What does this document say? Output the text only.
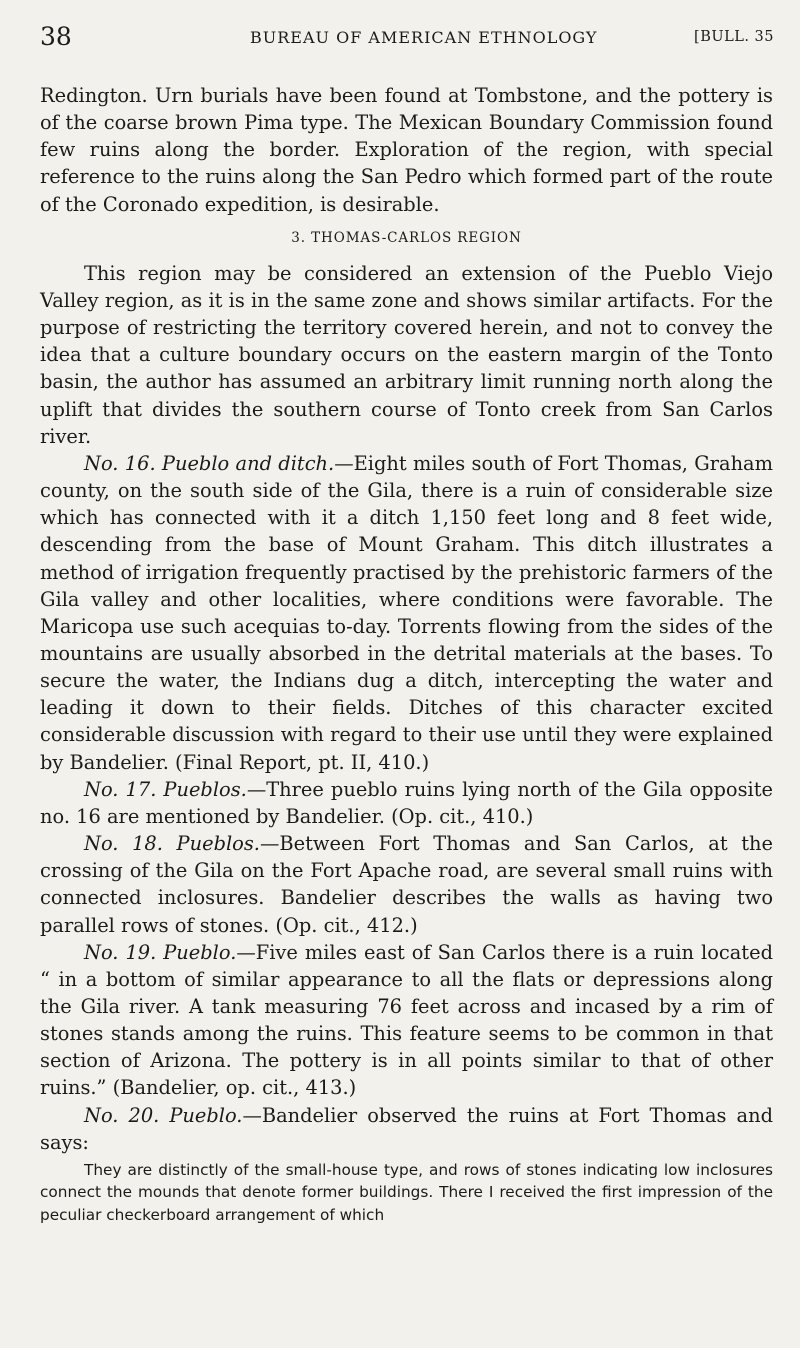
38	BUREAU OF AMERICAN ETHNOLOGY	[BULL. 35

Redington. Urn burials have been found at Tombstone, and the pottery is of the coarse brown Pima type. The Mexican Boundary Commission found few ruins along the border. Exploration of the region, with special reference to the ruins along the San Pedro which formed part of the route of the Coronado expedition, is desirable.

3. THOMAS-CARLOS REGION

This region may be considered an extension of the Pueblo Viejo Valley region, as it is in the same zone and shows similar artifacts. For the purpose of restricting the territory covered herein, and not to convey the idea that a culture boundary occurs on the eastern margin of the Tonto basin, the author has assumed an arbitrary limit running north along the uplift that divides the southern course of Tonto creek from San Carlos river.

No. 16. Pueblo and ditch.—Eight miles south of Fort Thomas, Graham county, on the south side of the Gila, there is a ruin of considerable size which has connected with it a ditch 1,150 feet long and 8 feet wide, descending from the base of Mount Graham. This ditch illustrates a method of irrigation frequently practised by the prehistoric farmers of the Gila valley and other localities, where conditions were favorable. The Maricopa use such acequias to-day. Torrents flowing from the sides of the mountains are usually absorbed in the detrital materials at the bases. To secure the water, the Indians dug a ditch, intercepting the water and leading it down to their fields. Ditches of this character excited considerable discussion with regard to their use until they were explained by Bandelier. (Final Report, pt. II, 410.)

No. 17. Pueblos.—Three pueblo ruins lying north of the Gila opposite no. 16 are mentioned by Bandelier. (Op. cit., 410.)

No. 18. Pueblos.—Between Fort Thomas and San Carlos, at the crossing of the Gila on the Fort Apache road, are several small ruins with connected inclosures. Bandelier describes the walls as having two parallel rows of stones. (Op. cit., 412.)

No. 19. Pueblo.—Five miles east of San Carlos there is a ruin located “ in a bottom of similar appearance to all the flats or depressions along the Gila river. A tank measuring 76 feet across and incased by a rim of stones stands among the ruins. This feature seems to be common in that section of Arizona. The pottery is in all points similar to that of other ruins.” (Bandelier, op. cit., 413.)

No. 20. Pueblo.—Bandelier observed the ruins at Fort Thomas and says:

They are distinctly of the small-house type, and rows of stones indicating low inclosures connect the mounds that denote former buildings. There I received the first impression of the peculiar checkerboard arrangement of which
